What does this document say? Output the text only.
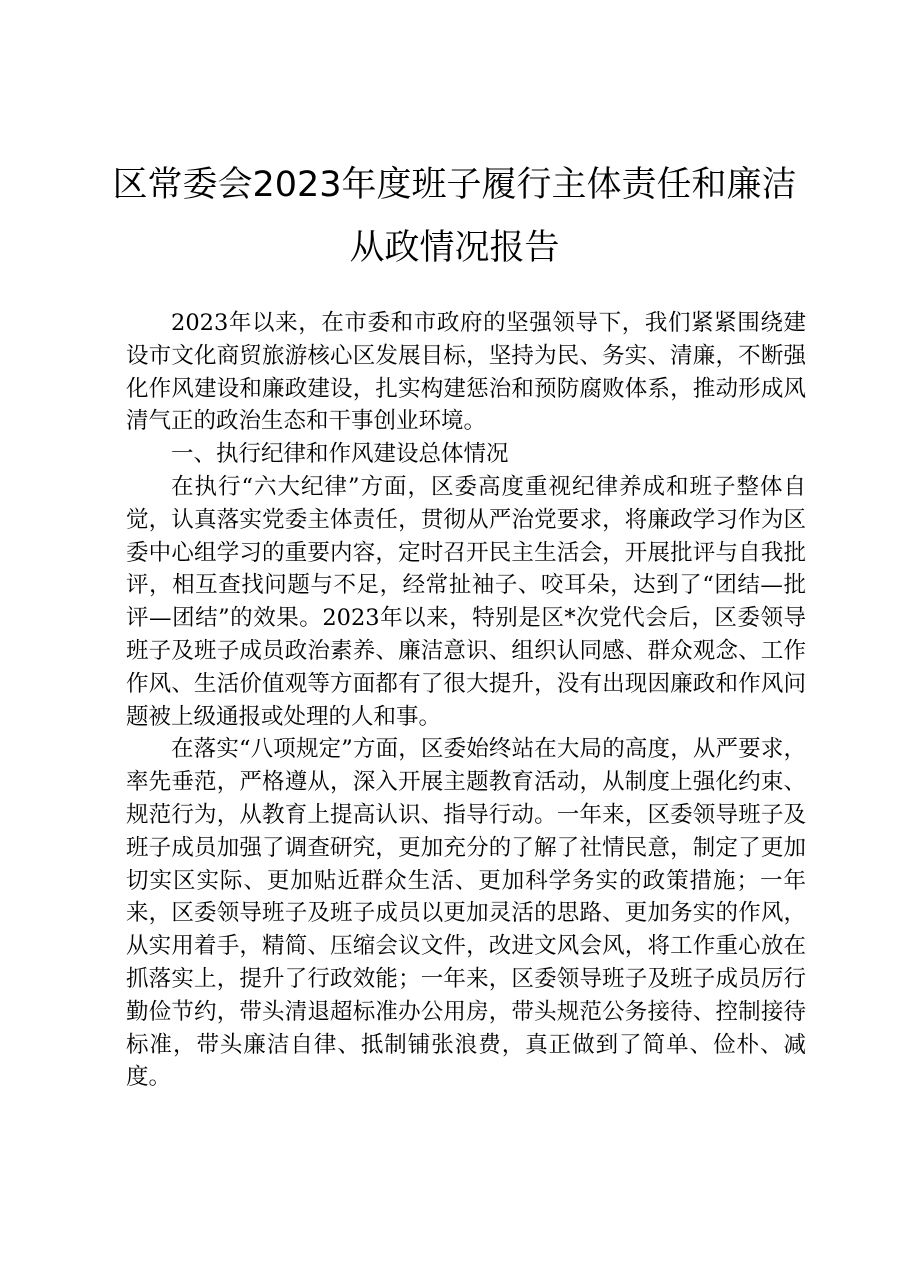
区常委会2023年度班子履行主体责任和廉洁
从政情况报告

2023年以来，在市委和市政府的坚强领导下，我们紧紧围绕建设市文化商贸旅游核心区发展目标，坚持为民、务实、清廉，不断强化作风建设和廉政建设，扎实构建惩治和预防腐败体系，推动形成风清气正的政治生态和干事创业环境。

一、执行纪律和作风建设总体情况

在执行“六大纪律”方面，区委高度重视纪律养成和班子整体自觉，认真落实党委主体责任，贯彻从严治党要求，将廉政学习作为区委中心组学习的重要内容，定时召开民主生活会，开展批评与自我批评，相互查找问题与不足，经常扯袖子、咬耳朵，达到了“团结—批评—团结”的效果。2023年以来，特别是区*次党代会后，区委领导班子及班子成员政治素养、廉洁意识、组织认同感、群众观念、工作作风、生活价值观等方面都有了很大提升，没有出现因廉政和作风问题被上级通报或处理的人和事。

在落实“八项规定”方面，区委始终站在大局的高度，从严要求，率先垂范，严格遵从，深入开展主题教育活动，从制度上强化约束、规范行为，从教育上提高认识、指导行动。一年来，区委领导班子及班子成员加强了调查研究，更加充分的了解了社情民意，制定了更加切实区实际、更加贴近群众生活、更加科学务实的政策措施；一年来，区委领导班子及班子成员以更加灵活的思路、更加务实的作风，从实用着手，精简、压缩会议文件，改进文风会风，将工作重心放在抓落实上，提升了行政效能；一年来，区委领导班子及班子成员厉行勤俭节约，带头清退超标准办公用房，带头规范公务接待、控制接待标准，带头廉洁自律、抵制铺张浪费，真正做到了简单、俭朴、减度。
